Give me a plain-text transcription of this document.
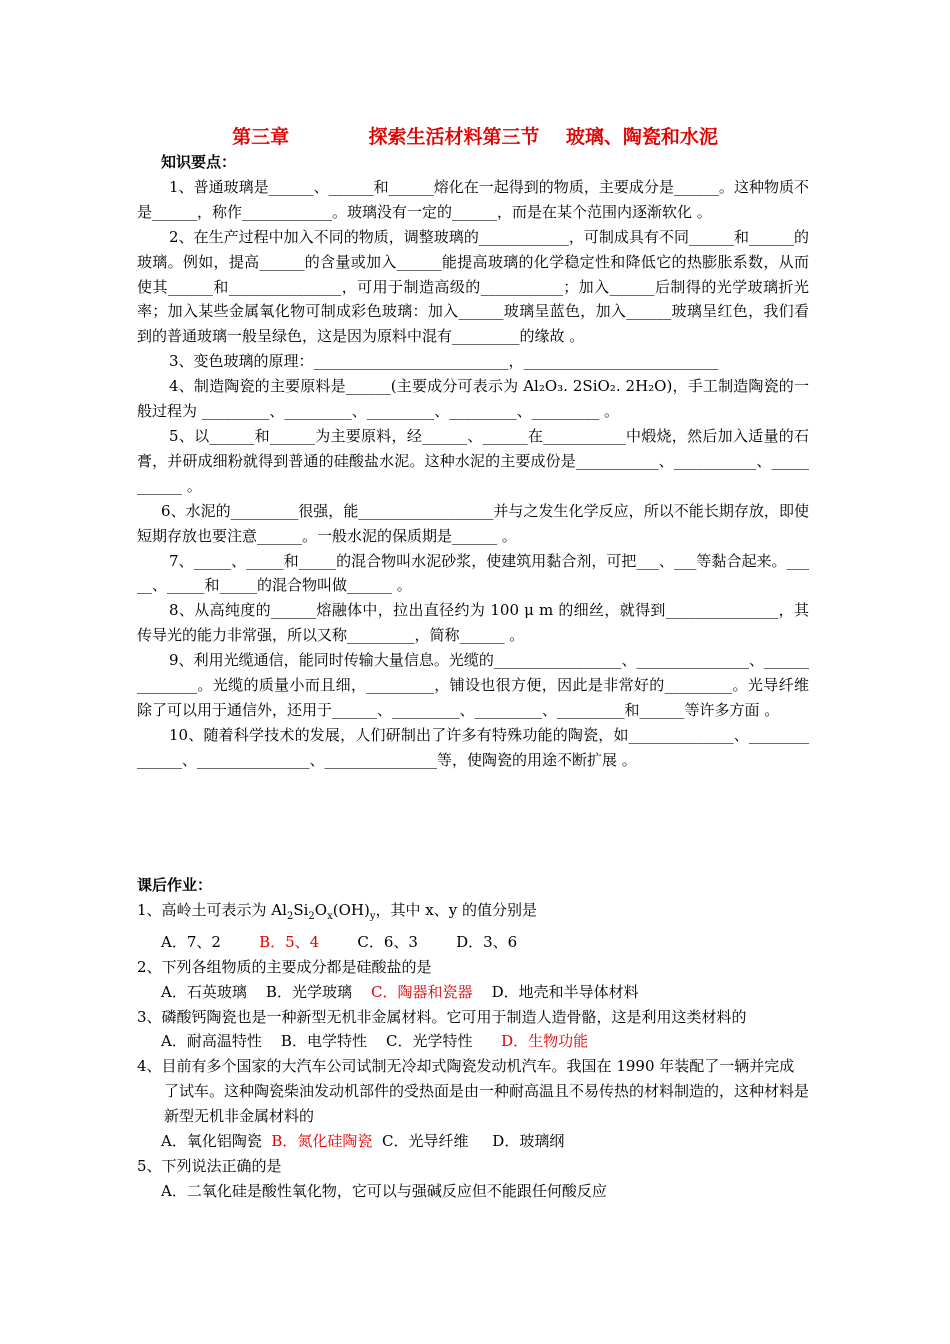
第三章            探索生活材料第三节    玻璃、陶瓷和水泥
知识要点：

1、普通玻璃是______、______和______熔化在一起得到的物质，主要成分是______。这种物质不是______，称作____________。玻璃没有一定的______，而是在某个范围内逐渐软化 。

2、在生产过程中加入不同的物质，调整玻璃的____________，可制成具有不同______和______的玻璃。例如，提高______的含量或加入______能提高玻璃的化学稳定性和降低它的热膨胀系数，从而使其______和_______________，可用于制造高级的___________；加入______后制得的光学玻璃折光率；加入某些金属氧化物可制成彩色玻璃：加入______玻璃呈蓝色，加入______玻璃呈红色，我们看到的普通玻璃一般呈绿色，这是因为原料中混有_________的缘故 。

3、变色玻璃的原理：__________________________，__________________________

4、制造陶瓷的主要原料是______(主要成分可表示为 Al₂O₃. 2SiO₂. 2H₂O)，手工制造陶瓷的一般过程为 _________、_________、_________、_________、_________ 。

5、以______和______为主要原料，经______、______在___________中煅烧，然后加入适量的石膏，并研成细粉就得到普通的硅酸盐水泥。这种水泥的主要成份是___________、___________、___________ 。

6、水泥的_________很强，能__________________并与之发生化学反应，所以不能长期存放，即使短期存放也要注意______。一般水泥的保质期是______ 。

7、_____、_____和_____的混合物叫水泥砂浆，使建筑用黏合剂，可把___、___等黏合起来。_____、_____和_____的混合物叫做______ 。

8、从高纯度的______熔融体中，拉出直径约为 100 μ m 的细丝，就得到_______________，其传导光的能力非常强，所以又称_________，简称______ 。

9、利用光缆通信，能同时传输大量信息。光缆的_________________、_______________、______________。光缆的质量小而且细，_________，铺设也很方便，因此是非常好的_________。光导纤维除了可以用于通信外，还用于______、_________、_________、_________和______等许多方面 。

10、随着科学技术的发展，人们研制出了许多有特殊功能的陶瓷，如______________、______________、_______________、_______________等，使陶瓷的用途不断扩展 。

课后作业：

1、高岭土可表示为 $Al_2Si_2O_x(OH)_y$，其中 x、y 的值分别是

A．7、2	B．5、4	C．6、3	D．3、6

2、下列各组物质的主要成分都是硅酸盐的是

A．石英玻璃 B．光学玻璃 C．陶器和瓷器 D．地壳和半导体材料

3、磷酸钙陶瓷也是一种新型无机非金属材料。它可用于制造人造骨骼，这是利用这类材料的

A．耐高温特性 B．电学特性 C．光学特性 D．生物功能

4、目前有多个国家的大汽车公司试制无冷却式陶瓷发动机汽车。我国在 1990 年装配了一辆并完成了试车。这种陶瓷柴油发动机部件的受热面是由一种耐高温且不易传热的材料制造的，这种材料是新型无机非金属材料的

A．氧化铝陶瓷 B．氮化硅陶瓷 C．光导纤维 D．玻璃纲

5、下列说法正确的是

A．二氧化硅是酸性氧化物，它可以与强碱反应但不能跟任何酸反应
